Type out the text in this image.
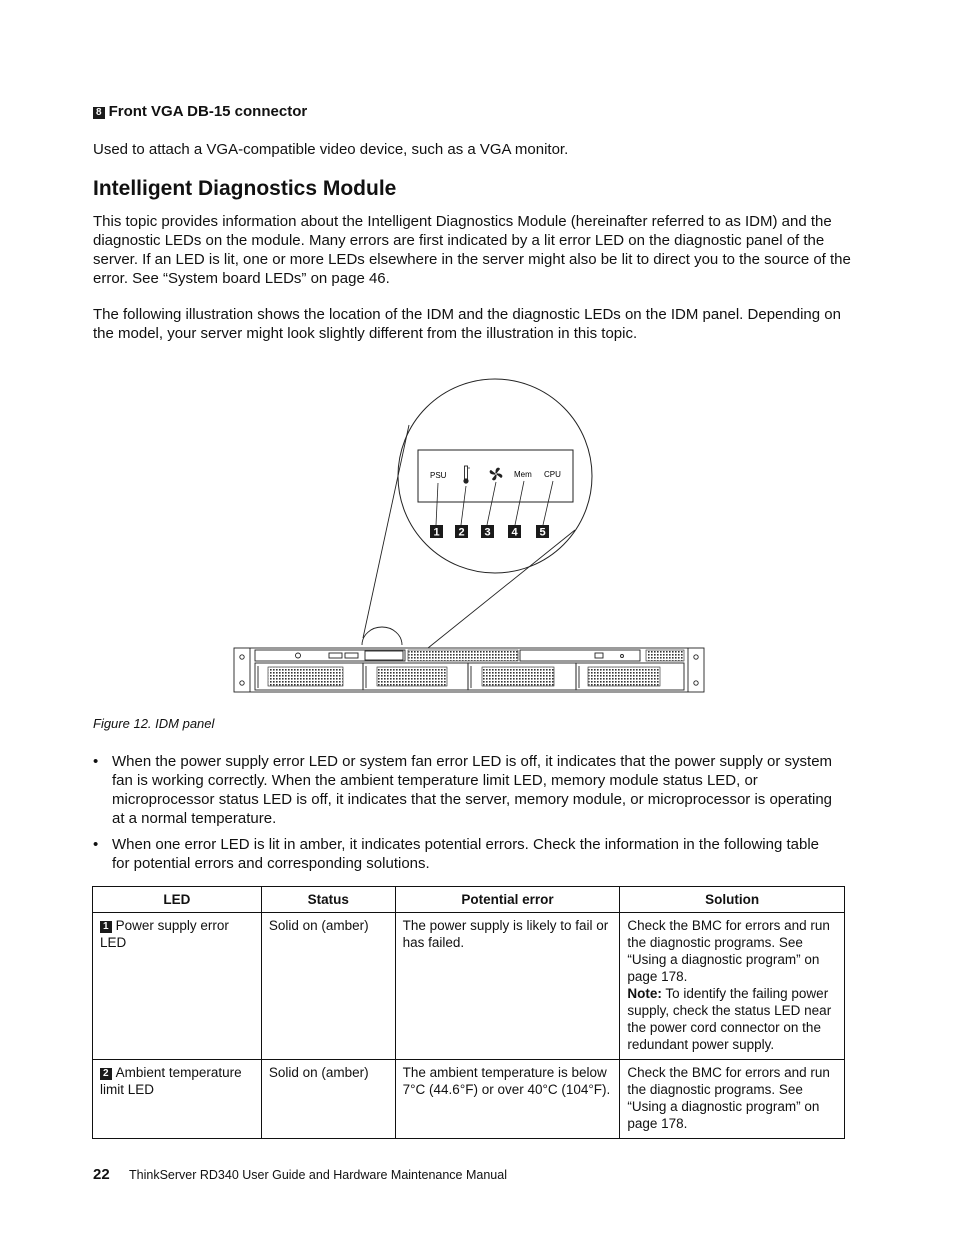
8 Front VGA DB-15 connector
Used to attach a VGA-compatible video device, such as a VGA monitor.
Intelligent Diagnostics Module
This topic provides information about the Intelligent Diagnostics Module (hereinafter referred to as IDM) and the diagnostic LEDs on the module. Many errors are first indicated by a lit error LED on the diagnostic panel of the server. If an LED is lit, one or more LEDs elsewhere in the server might also be lit to direct you to the source of the error. See “System board LEDs” on page 46.
The following illustration shows the location of the IDM and the diagnostic LEDs on the IDM panel. Depending on the model, your server might look slightly different from the illustration in this topic.
PSU	Mem CPU
1 2 3 4 5
Figure 12. IDM panel
• When the power supply error LED or system fan error LED is off, it indicates that the power supply or system fan is working correctly. When the ambient temperature limit LED, memory module status LED, or microprocessor status LED is off, it indicates that the server, memory module, or microprocessor is operating at a normal temperature.
• When one error LED is lit in amber, it indicates potential errors. Check the information in the following table for potential errors and corresponding solutions.
LED	Status	Potential error	Solution
1 Power supply error LED	Solid on (amber)	The power supply is likely to fail or has failed.	Check the BMC for errors and run the diagnostic programs. See “Using a diagnostic program” on page 178.
Note: To identify the failing power supply, check the status LED near the power cord connector on the redundant power supply.
2 Ambient temperature limit LED	Solid on (amber)	The ambient temperature is below 7°C (44.6°F) or over 40°C (104°F).	Check the BMC for errors and run the diagnostic programs. See “Using a diagnostic program” on page 178.
22 ThinkServer RD340 User Guide and Hardware Maintenance Manual
